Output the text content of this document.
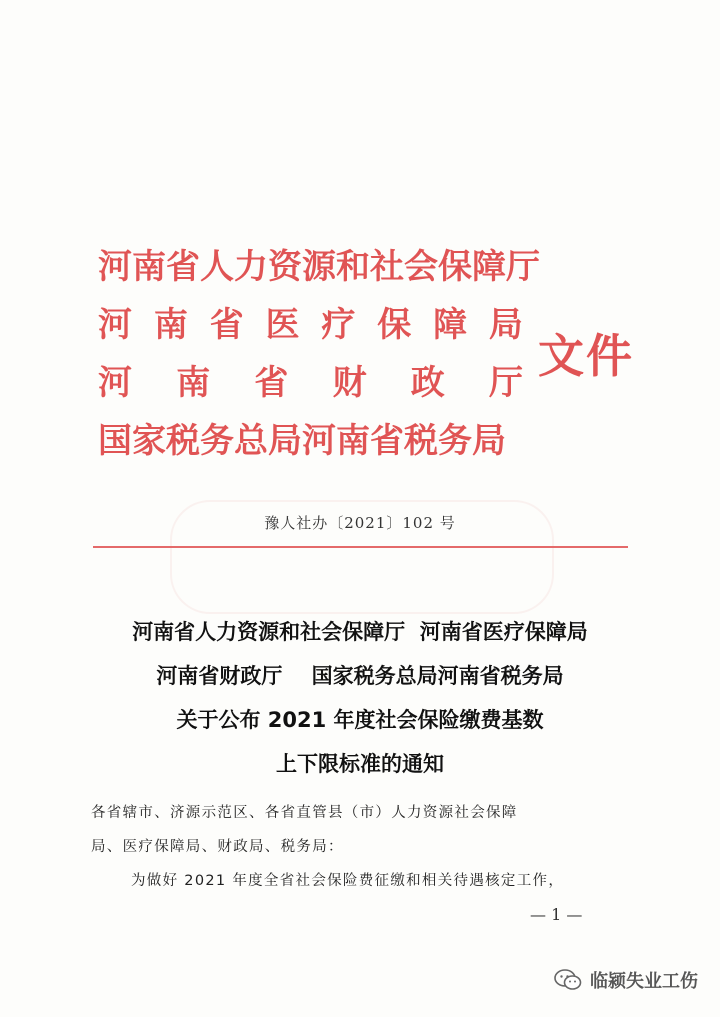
河南省人力资源和社会保障厅
河 南 省 医 疗 保 障 局
河 南 省 财 政 厅
国家税务总局河南省税务局
文件
豫人社办〔2021〕102 号
河南省人力资源和社会保障厅  河南省医疗保障局
河南省财政厅    国家税务总局河南省税务局
关于公布 2021 年度社会保险缴费基数
上下限标准的通知
各省辖市、济源示范区、各省直管县（市）人力资源社会保障
局、医疗保障局、财政局、税务局：
为做好 2021 年度全省社会保险费征缴和相关待遇核定工作，
— 1 —
临颍失业工伤
